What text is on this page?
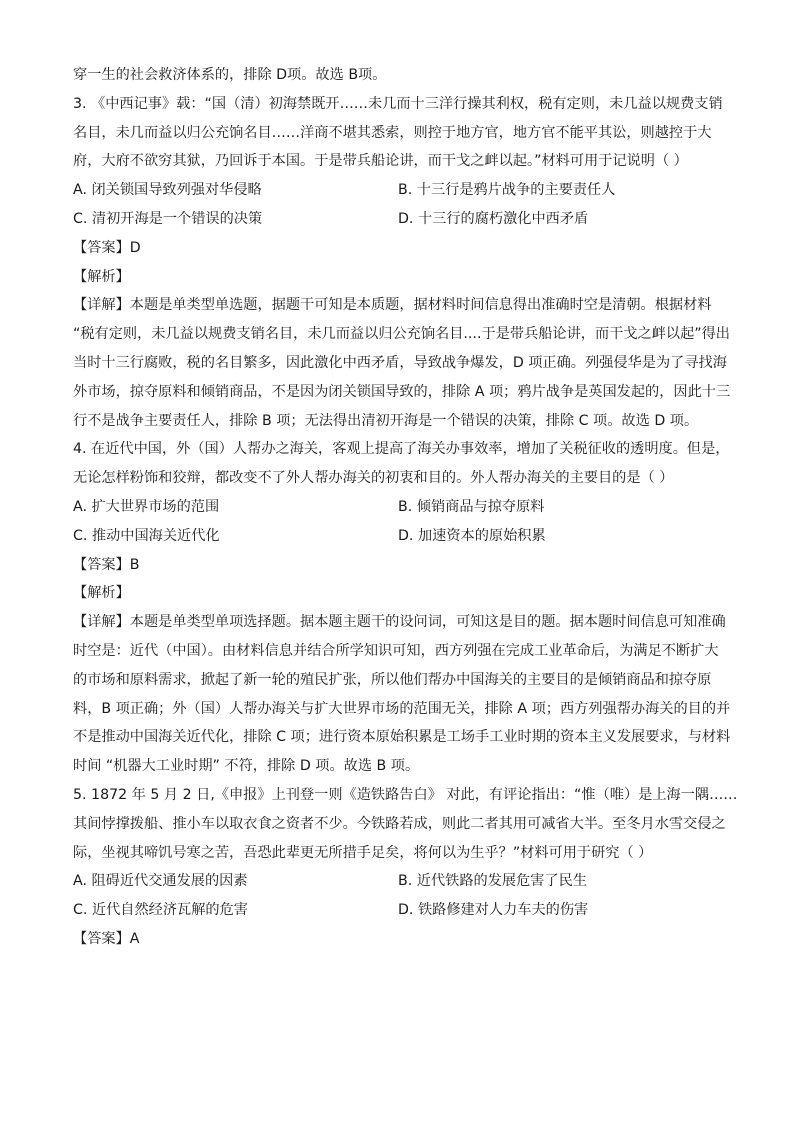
穿一生的社会救济体系的，排除 D项。故选 B项。
3. 《中西记事》载：“国（清）初海禁既开……未几而十三洋行操其利权，税有定则，未几益以规费支销
名目，未几而益以归公充饷名目……洋商不堪其悉索，则控于地方官，地方官不能平其讼，则越控于大
府，大府不欲穷其狱，乃回诉于本国。于是带兵船论讲，而干戈之衅以起。”材料可用于记说明（ ）
A. 闭关锁国导致列强对华侵略	B. 十三行是鸦片战争的主要责任人
C. 清初开海是一个错误的决策	D. 十三行的腐朽激化中西矛盾
【答案】D
【解析】
【详解】本题是单类型单选题，据题干可知是本质题，据材料时间信息得出准确时空是清朝。根据材料
“税有定则，未几益以规费支销名目，未几而益以归公充饷名目....于是带兵船论讲，而干戈之衅以起”得出
当时十三行腐败，税的名目繁多，因此激化中西矛盾，导致战争爆发，D 项正确。列强侵华是为了寻找海
外市场，掠夺原料和倾销商品，不是因为闭关锁国导致的，排除 A 项；鸦片战争是英国发起的，因此十三
行不是战争主要责任人，排除 B 项；无法得出清初开海是一个错误的决策，排除 C 项。故选 D 项。
4. 在近代中国，外（国）人帮办之海关，客观上提高了海关办事效率，增加了关税征收的透明度。但是，
无论怎样粉饰和狡辩，都改变不了外人帮办海关的初衷和目的。外人帮办海关的主要目的是（ ）
A. 扩大世界市场的范围	B. 倾销商品与掠夺原料
C. 推动中国海关近代化	D. 加速资本的原始积累
【答案】B
【解析】
【详解】本题是单类型单项选择题。据本题主题干的设问词，可知这是目的题。据本题时间信息可知准确
时空是：近代（中国）。由材料信息并结合所学知识可知，西方列强在完成工业革命后，为满足不断扩大
的市场和原料需求，掀起了新一轮的殖民扩张，所以他们帮办中国海关的主要目的是倾销商品和掠夺原
料，B 项正确；外（国）人帮办海关与扩大世界市场的范围无关，排除 A 项；西方列强帮办海关的目的并
不是推动中国海关近代化，排除 C 项；进行资本原始积累是工场手工业时期的资本主义发展要求，与材料
时间 “机器大工业时期” 不符，排除 D 项。故选 B 项。
5. 1872 年 5 月 2 日,《申报》上刊登一则《造铁路告白》 对此，有评论指出：“惟（唯）是上海一隅……
其间悖撑拨船、推小车以取衣食之资者不少。今铁路若成，则此二者其用可减省大半。至冬月水雪交侵之
际，坐视其啼饥号寒之苦，吾恐此辈更无所措手足矣，将何以为生乎？”材料可用于研究（ ）
A. 阻碍近代交通发展的因素	B. 近代铁路的发展危害了民生
C. 近代自然经济瓦解的危害	D. 铁路修建对人力车夫的伤害
【答案】A
